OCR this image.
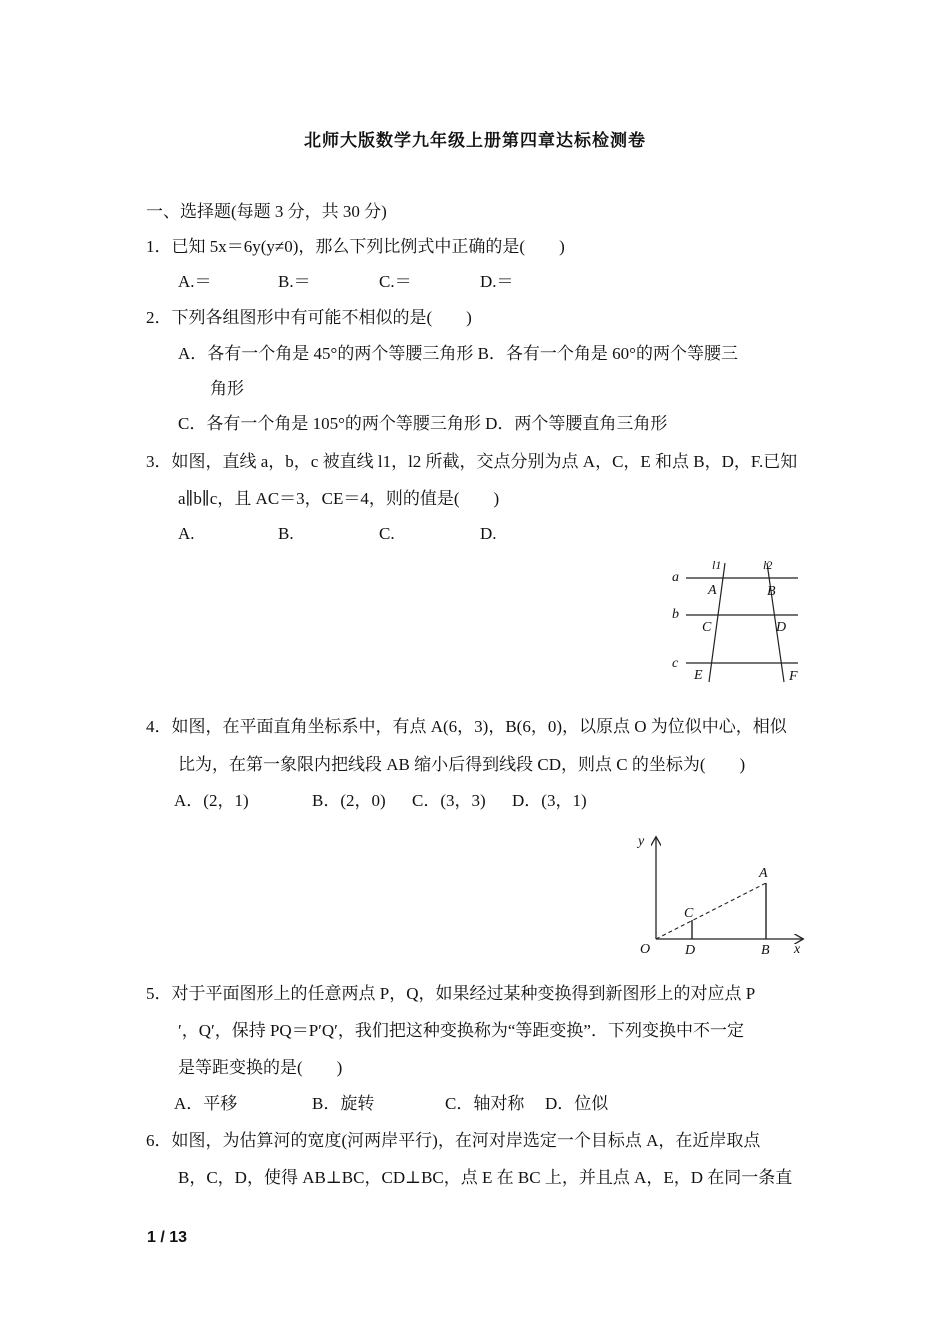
北师大版数学九年级上册第四章达标检测卷
一、选择题(每题 3 分，共 30 分)
1．已知 5x＝6y(y≠0)，那么下列比例式中正确的是(　　)
A.＝	B.＝	C.＝	D.＝
2．下列各组图形中有可能不相似的是(　　)
A．各有一个角是 45°的两个等腰三角形 B．各有一个角是 60°的两个等腰三
角形
C．各有一个角是 105°的两个等腰三角形 D．两个等腰直角三角形
3．如图，直线 a，b，c 被直线 l1，l2 所截，交点分别为点 A，C，E 和点 B，D，F.已知
a∥b∥c，且 AC＝3，CE＝4，则的值是(　　)
A.	B.	C.	D.
a
b
c
l1	l2
A	B
C	D
E	F
4．如图，在平面直角坐标系中，有点 A(6，3)，B(6，0)，以原点 O 为位似中心，相似
比为，在第一象限内把线段 AB 缩小后得到线段 CD，则点 C 的坐标为(　　)
A．(2，1)	B．(2，0) C．(3，3) D．(3，1)
y
x
O
A
B
C
D
5．对于平面图形上的任意两点 P，Q，如果经过某种变换得到新图形上的对应点 P
′，Q′，保持 PQ＝P′Q′，我们把这种变换称为“等距变换”．下列变换中不一定
是等距变换的是(　　)
A．平移	B．旋转	C．轴对称 D．位似
6．如图，为估算河的宽度(河两岸平行)，在河对岸选定一个目标点 A，在近岸取点
B，C，D，使得 AB⊥BC，CD⊥BC，点 E 在 BC 上，并且点 A，E，D 在同一条直
1 / 13
